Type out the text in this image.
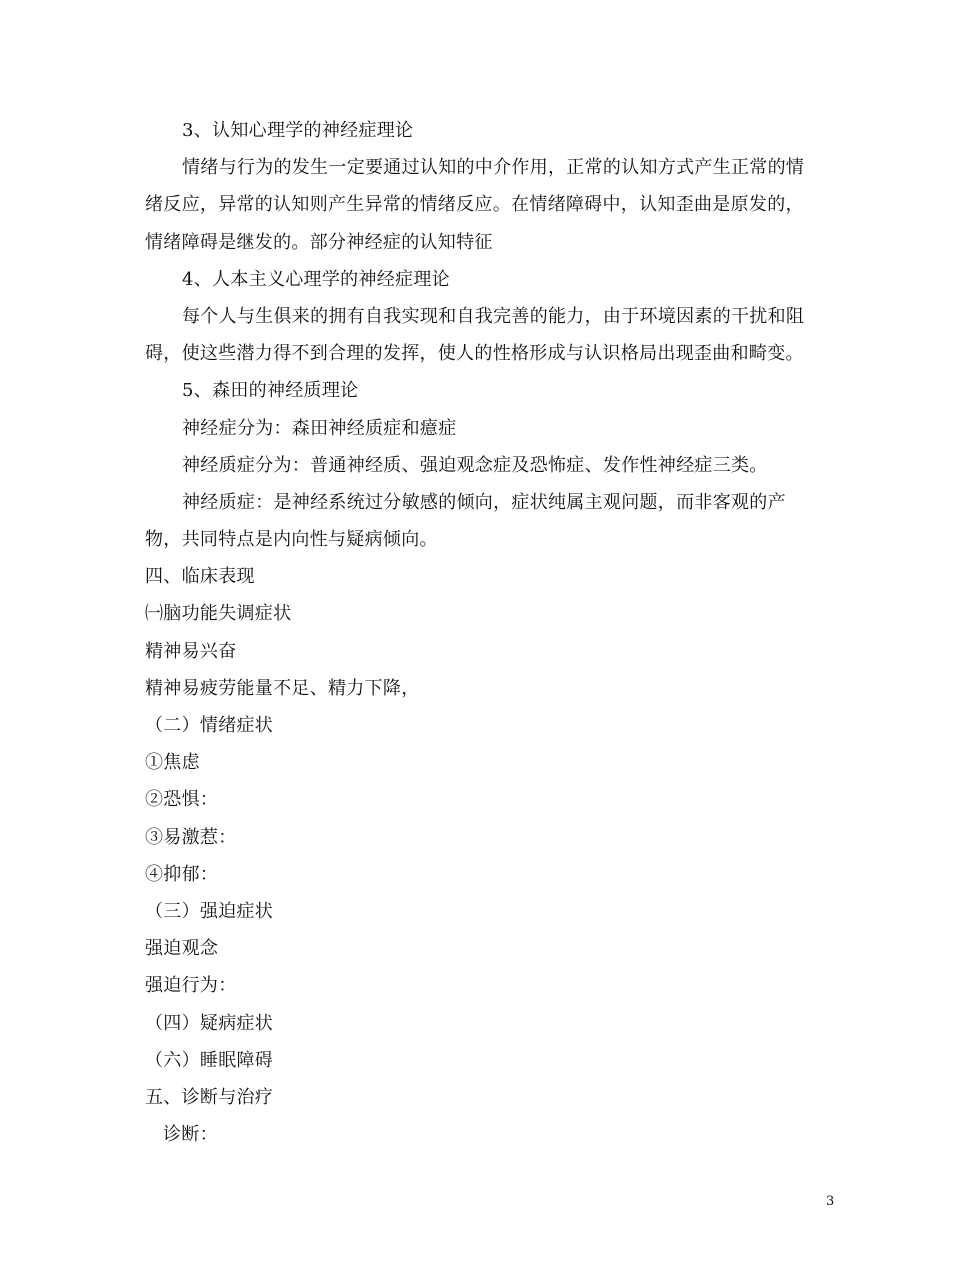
3、认知心理学的神经症理论
情绪与行为的发生一定要通过认知的中介作用，正常的认知方式产生正常的情
绪反应，异常的认知则产生异常的情绪反应。在情绪障碍中，认知歪曲是原发的，
情绪障碍是继发的。部分神经症的认知特征
4、人本主义心理学的神经症理论
每个人与生俱来的拥有自我实现和自我完善的能力，由于环境因素的干扰和阻
碍，使这些潜力得不到合理的发挥，使人的性格形成与认识格局出现歪曲和畸变。
5、森田的神经质理论
神经症分为：森田神经质症和癔症
神经质症分为：普通神经质、强迫观念症及恐怖症、发作性神经症三类。
神经质症：是神经系统过分敏感的倾向，症状纯属主观问题，而非客观的产
物，共同特点是内向性与疑病倾向。
四、临床表现
㈠脑功能失调症状
精神易兴奋
精神易疲劳能量不足、精力下降，
（二）情绪症状
①焦虑
②恐惧：
③易激惹：
④抑郁：
（三）强迫症状
强迫观念
强迫行为：
（四）疑病症状
（六）睡眠障碍
五、诊断与治疗
诊断：
3
